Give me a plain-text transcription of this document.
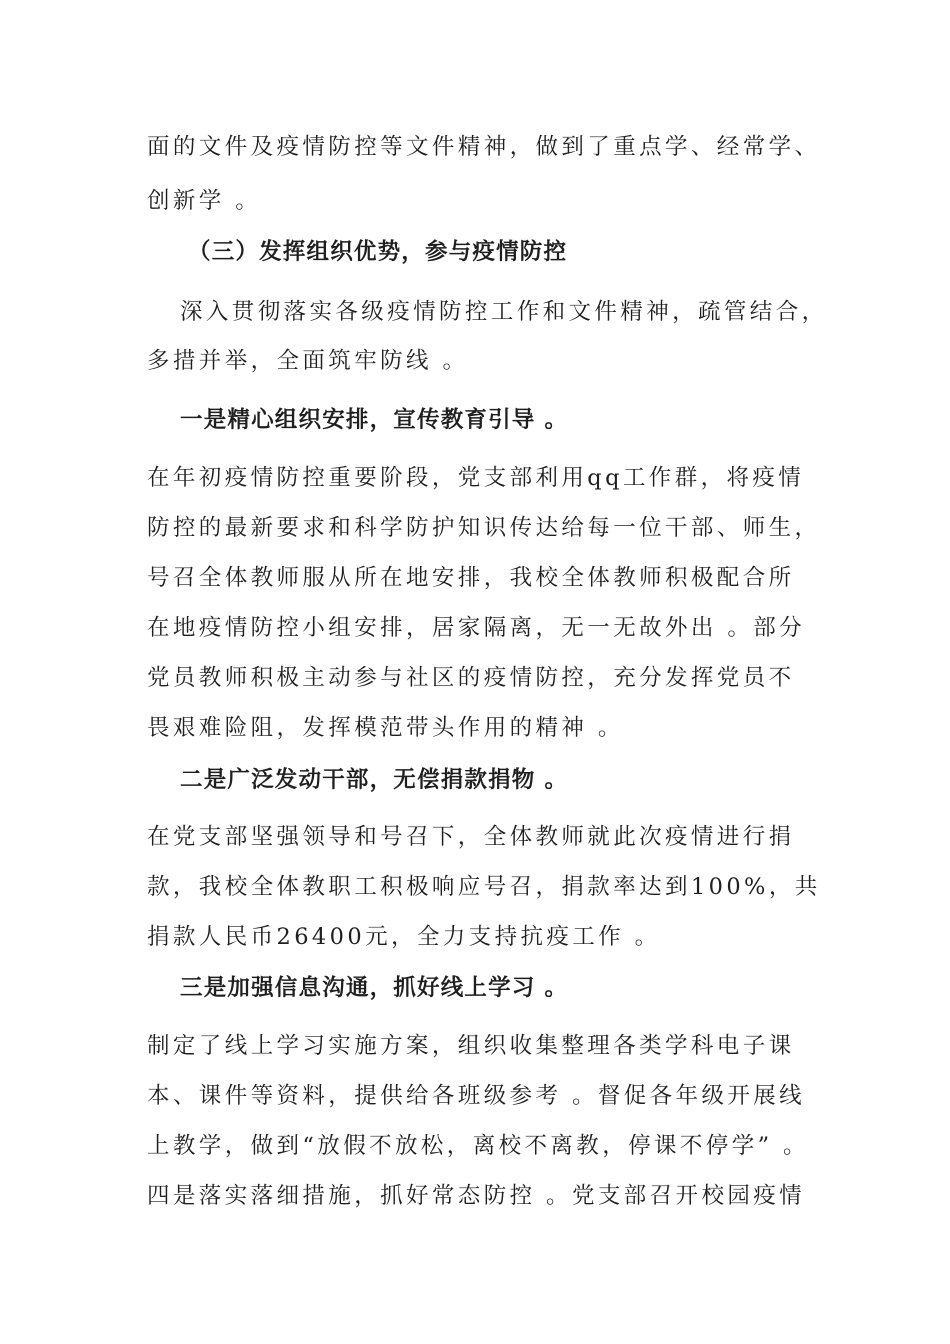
面的文件及疫情防控等文件精神，做到了重点学、经常学、
创新学 。
（三）发挥组织优势，参与疫情防控
深入贯彻落实各级疫情防控工作和文件精神，疏管结合，
多措并举，全面筑牢防线 。
一是精心组织安排，宣传教育引导 。
在年初疫情防控重要阶段，党支部利用qq工作群，将疫情
防控的最新要求和科学防护知识传达给每一位干部、师生，
号召全体教师服从所在地安排，我校全体教师积极配合所
在地疫情防控小组安排，居家隔离，无一无故外出 。部分
党员教师积极主动参与社区的疫情防控，充分发挥党员不
畏艰难险阻，发挥模范带头作用的精神 。
二是广泛发动干部，无偿捐款捐物 。
在党支部坚强领导和号召下，全体教师就此次疫情进行捐
款，我校全体教职工积极响应号召，捐款率达到100%，共
捐款人民币26400元，全力支持抗疫工作 。
三是加强信息沟通，抓好线上学习 。
制定了线上学习实施方案，组织收集整理各类学科电子课
本、课件等资料，提供给各班级参考 。督促各年级开展线
上教学，做到“放假不放松，离校不离教，停课不停学” 。
四是落实落细措施，抓好常态防控 。党支部召开校园疫情
